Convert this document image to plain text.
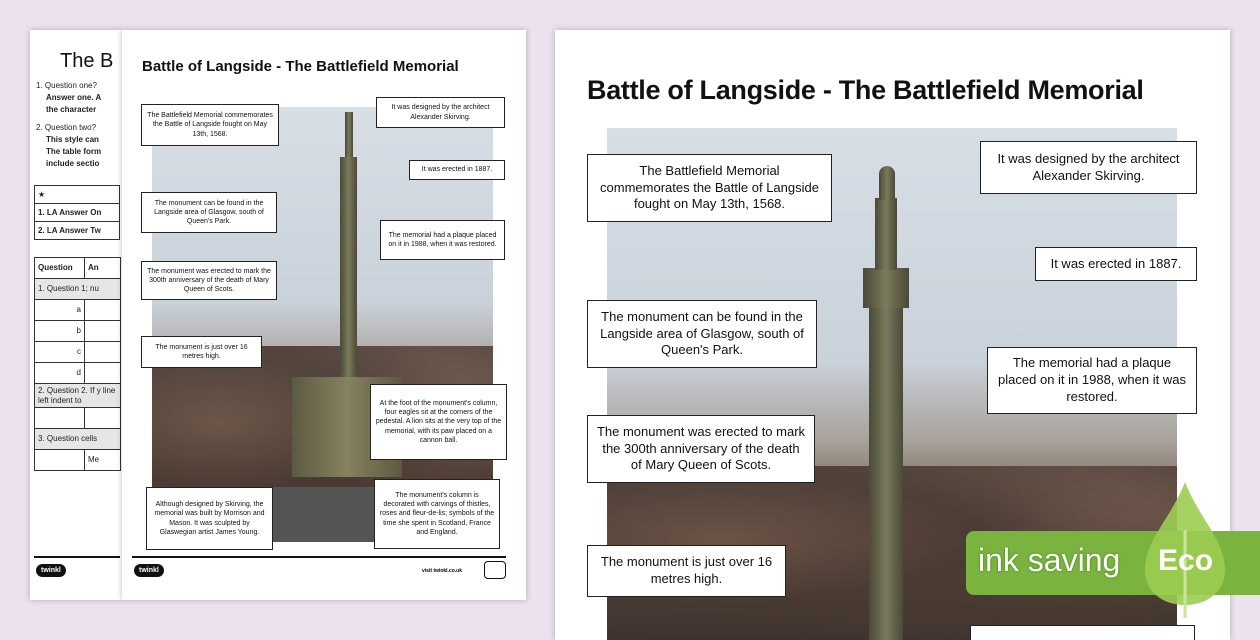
The B
1. Question one?
Answer one. A
the character
2. Question two?
This style can
The table form
include sectio
★
1. LA Answer On
2. LA Answer Tw
Question	An
1. Question 1; nu	
a	
b	
c	
d	
2. Question 2. If y line left indent to	

3. Question cells	
	Me
twinkl
Battle of Langside - The Battlefield Memorial
The Battlefield Memorial commemorates the Battle of Langside fought on May 13th, 1568.
It was designed by the architect Alexander Skirving.
It was erected in 1887.
The monument can be found in the Langside area of Glasgow, south of Queen's Park.
The memorial had a plaque placed on it in 1988, when it was restored.
The monument was erected to mark the 300th anniversary of the death of Mary Queen of Scots.
The monument is just over 16 metres high.
At the foot of the monument's column, four eagles sit at the corners of the pedestal. A lion sits at the very top of the memorial, with its paw placed on a cannon ball.
Although designed by Skirving, the memorial was built by Morrison and Mason. It was sculpted by Glaswegian artist James Young.
The monument's column is decorated with carvings of thistles, roses and fleur-de-lis; symbols of the time she spent in Scotland, France and England.
twinkl	visit twinkl.co.uk
Battle of Langside - The Battlefield Memorial
The Battlefield Memorial commemorates the Battle of Langside fought on May 13th, 1568.
It was designed by the architect Alexander Skirving.
It was erected in 1887.
The monument can be found in the Langside area of Glasgow, south of Queen's Park.
The memorial had a plaque placed on it in 1988, when it was restored.
The monument was erected to mark the 300th anniversary of the death of Mary Queen of Scots.
The monument is just over 16 metres high.
ink saving Eco
